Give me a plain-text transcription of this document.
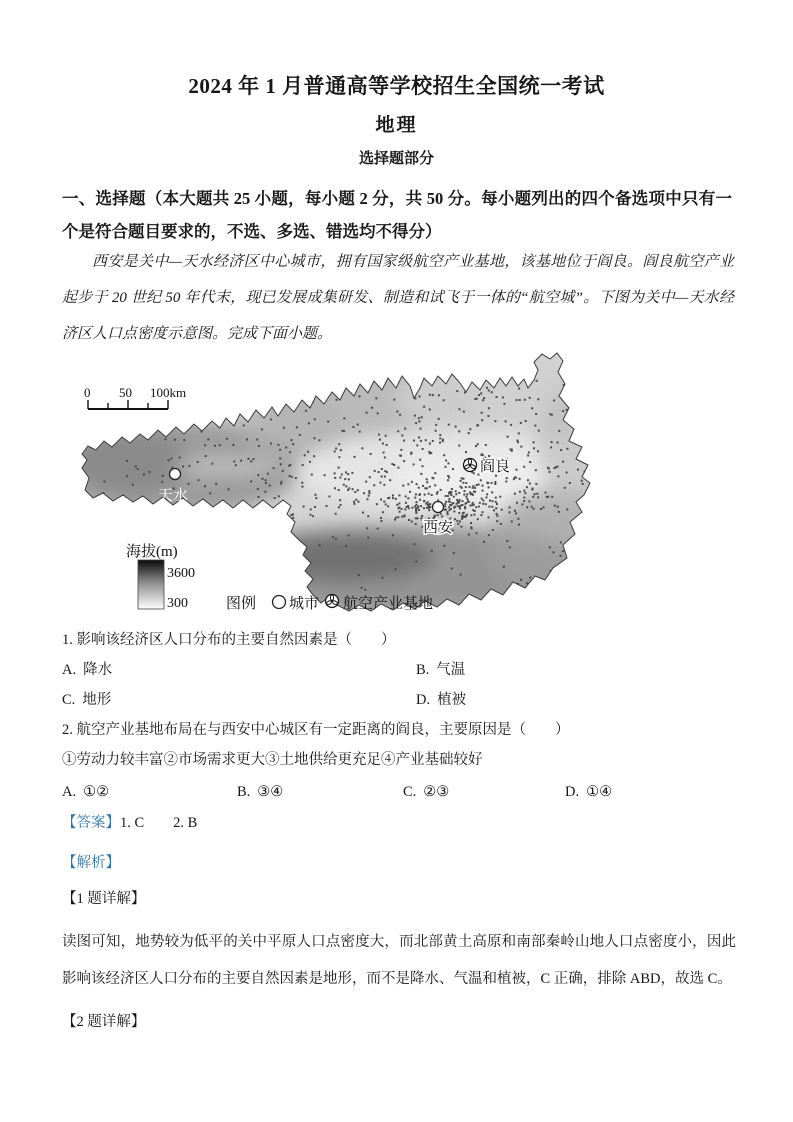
2024 年 1 月普通高等学校招生全国统一考试
地理
选择题部分
一、选择题（本大题共 25 小题，每小题 2 分，共 50 分。每小题列出的四个备选项中只有一个是符合题目要求的，不选、多选、错选均不得分）
西安是关中—天水经济区中心城市，拥有国家级航空产业基地，该基地位于阎良。阎良航空产业起步于 20 世纪 50 年代末，现已发展成集研发、制造和试飞于一体的“航空城”。下图为关中—天水经济区人口点密度示意图。完成下面小题。
0 50 100km
天水
西安
阎良
海拔(m)
3600
300	图例 城市 航空产业基地
1. 影响该经济区人口分布的主要自然因素是（　　）
A. 降水	B. 气温
C. 地形	D. 植被
2. 航空产业基地布局在与西安中心城区有一定距离的阎良，主要原因是（　　）
①劳动力较丰富②市场需求更大③土地供给更充足④产业基础较好
A. ①②	B. ③④	C. ②③	D. ①④
【答案】1. C　　2. B
【解析】
【1 题详解】
读图可知，地势较为低平的关中平原人口点密度大，而北部黄土高原和南部秦岭山地人口点密度小，因此影响该经济区人口分布的主要自然因素是地形，而不是降水、气温和植被，C 正确，排除 ABD，故选 C。
【2 题详解】
